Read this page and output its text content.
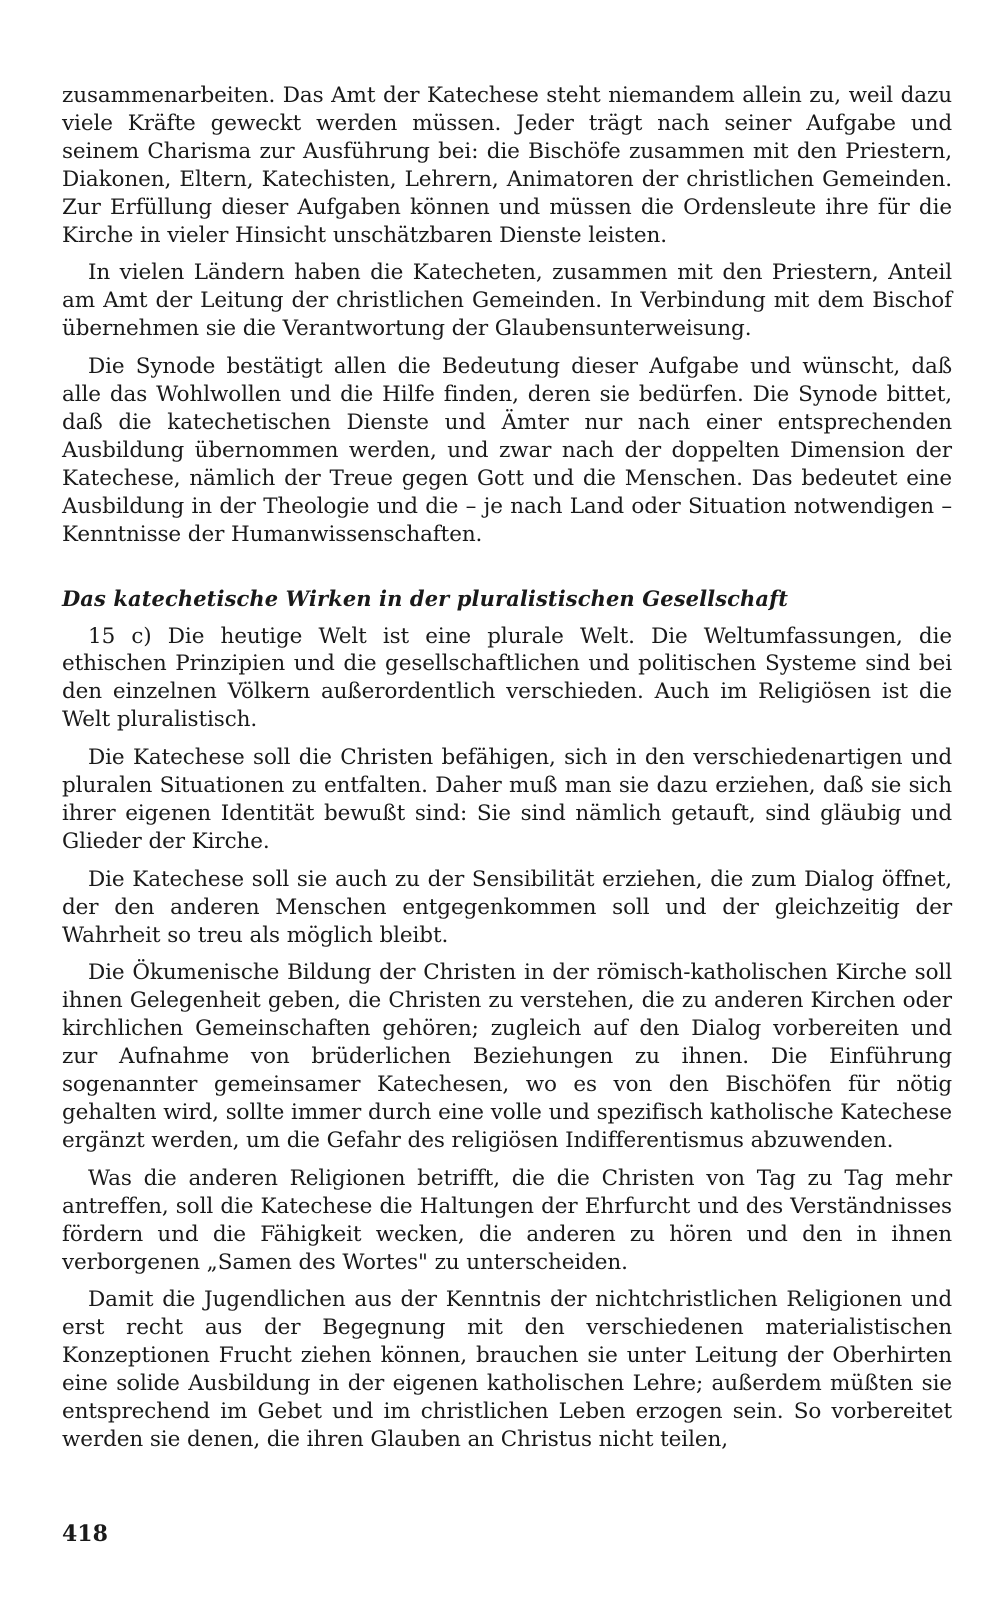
zusammenarbeiten. Das Amt der Katechese steht niemandem allein zu, weil dazu viele Kräfte geweckt werden müssen. Jeder trägt nach seiner Aufgabe und seinem Charisma zur Ausführung bei: die Bischöfe zusammen mit den Priestern, Diakonen, Eltern, Katechisten, Lehrern, Animatoren der christlichen Gemeinden. Zur Erfüllung dieser Aufgaben können und müssen die Ordensleute ihre für die Kirche in vieler Hinsicht unschätzbaren Dienste leisten.

In vielen Ländern haben die Katecheten, zusammen mit den Priestern, Anteil am Amt der Leitung der christlichen Gemeinden. In Verbindung mit dem Bischof übernehmen sie die Verantwortung der Glaubensunterweisung.

Die Synode bestätigt allen die Bedeutung dieser Aufgabe und wünscht, daß alle das Wohlwollen und die Hilfe finden, deren sie bedürfen. Die Synode bittet, daß die katechetischen Dienste und Ämter nur nach einer entsprechenden Ausbildung übernommen werden, und zwar nach der doppelten Dimension der Katechese, nämlich der Treue gegen Gott und die Menschen. Das bedeutet eine Ausbildung in der Theologie und die – je nach Land oder Situation notwendigen – Kenntnisse der Humanwissenschaften.

Das katechetische Wirken in der pluralistischen Gesellschaft

15 c) Die heutige Welt ist eine plurale Welt. Die Weltumfassungen, die ethischen Prinzipien und die gesellschaftlichen und politischen Systeme sind bei den einzelnen Völkern außerordentlich verschieden. Auch im Religiösen ist die Welt pluralistisch.

Die Katechese soll die Christen befähigen, sich in den verschiedenartigen und pluralen Situationen zu entfalten. Daher muß man sie dazu erziehen, daß sie sich ihrer eigenen Identität bewußt sind: Sie sind nämlich getauft, sind gläubig und Glieder der Kirche.

Die Katechese soll sie auch zu der Sensibilität erziehen, die zum Dialog öffnet, der den anderen Menschen entgegenkommen soll und der gleichzeitig der Wahrheit so treu als möglich bleibt.

Die Ökumenische Bildung der Christen in der römisch-katholischen Kirche soll ihnen Gelegenheit geben, die Christen zu verstehen, die zu anderen Kirchen oder kirchlichen Gemeinschaften gehören; zugleich auf den Dialog vorbereiten und zur Aufnahme von brüderlichen Beziehungen zu ihnen. Die Einführung sogenannter gemeinsamer Katechesen, wo es von den Bischöfen für nötig gehalten wird, sollte immer durch eine volle und spezifisch katholische Katechese ergänzt werden, um die Gefahr des religiösen Indifferentismus abzuwenden.

Was die anderen Religionen betrifft, die die Christen von Tag zu Tag mehr antreffen, soll die Katechese die Haltungen der Ehrfurcht und des Verständnisses fördern und die Fähigkeit wecken, die anderen zu hören und den in ihnen verborgenen „Samen des Wortes" zu unterscheiden.

Damit die Jugendlichen aus der Kenntnis der nichtchristlichen Religionen und erst recht aus der Begegnung mit den verschiedenen materialistischen Konzeptionen Frucht ziehen können, brauchen sie unter Leitung der Oberhirten eine solide Ausbildung in der eigenen katholischen Lehre; außerdem müßten sie entsprechend im Gebet und im christlichen Leben erzogen sein. So vorbereitet werden sie denen, die ihren Glauben an Christus nicht teilen,

418
